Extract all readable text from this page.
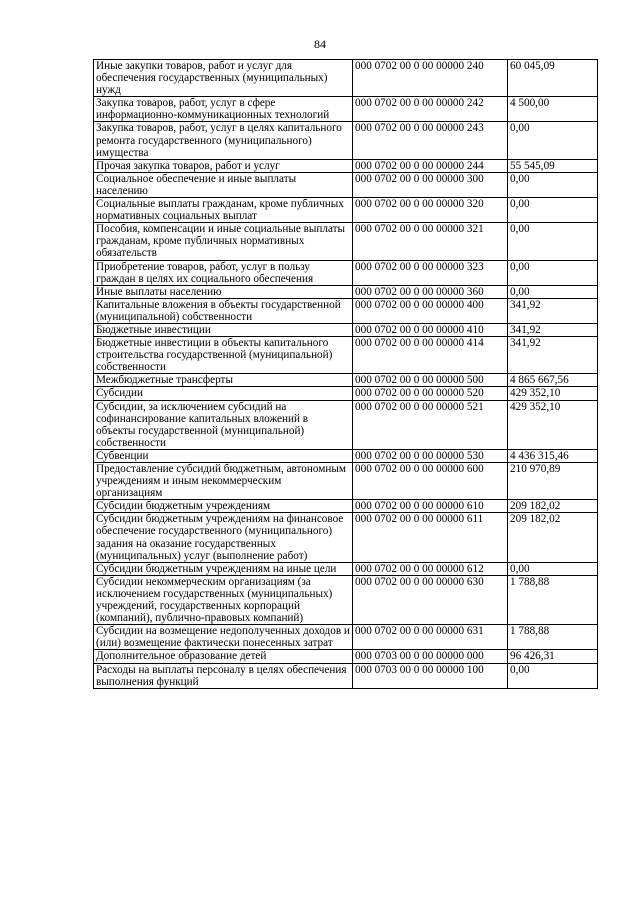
84
Иные закупки товаров, работ и услуг для обеспечения государственных (муниципальных) нужд	000 0702 00 0 00 00000 240	60 045,09
Закупка товаров, работ, услуг в сфере информационно-коммуникационных технологий	000 0702 00 0 00 00000 242	4 500,00
Закупка товаров, работ, услуг в целях капитального ремонта государственного (муниципального) имущества	000 0702 00 0 00 00000 243	0,00
Прочая закупка товаров, работ и услуг	000 0702 00 0 00 00000 244	55 545,09
Социальное обеспечение и иные выплаты населению	000 0702 00 0 00 00000 300	0,00
Социальные выплаты гражданам, кроме публичных нормативных социальных выплат	000 0702 00 0 00 00000 320	0,00
Пособия, компенсации и иные социальные выплаты гражданам, кроме публичных нормативных обязательств	000 0702 00 0 00 00000 321	0,00
Приобретение товаров, работ, услуг в пользу граждан в целях их социального обеспечения	000 0702 00 0 00 00000 323	0,00
Иные выплаты населению	000 0702 00 0 00 00000 360	0,00
Капитальные вложения в объекты государственной (муниципальной) собственности	000 0702 00 0 00 00000 400	341,92
Бюджетные инвестиции	000 0702 00 0 00 00000 410	341,92
Бюджетные инвестиции в объекты капитального строительства государственной (муниципальной) собственности	000 0702 00 0 00 00000 414	341,92
Межбюджетные трансферты	000 0702 00 0 00 00000 500	4 865 667,56
Субсидии	000 0702 00 0 00 00000 520	429 352,10
Субсидии, за исключением субсидий на софинансирование капитальных вложений в объекты государственной (муниципальной) собственности	000 0702 00 0 00 00000 521	429 352,10
Субвенции	000 0702 00 0 00 00000 530	4 436 315,46
Предоставление субсидий бюджетным, автономным учреждениям и иным некоммерческим организациям	000 0702 00 0 00 00000 600	210 970,89
Субсидии бюджетным учреждениям	000 0702 00 0 00 00000 610	209 182,02
Субсидии бюджетным учреждениям на финансовое обеспечение государственного (муниципального) задания на оказание государственных (муниципальных) услуг (выполнение работ)	000 0702 00 0 00 00000 611	209 182,02
Субсидии бюджетным учреждениям на иные цели	000 0702 00 0 00 00000 612	0,00
Субсидии некоммерческим организациям (за исключением государственных (муниципальных) учреждений, государственных корпораций (компаний), публично-правовых компаний)	000 0702 00 0 00 00000 630	1 788,88
Субсидии на возмещение недополученных доходов и (или) возмещение фактически понесенных затрат	000 0702 00 0 00 00000 631	1 788,88
Дополнительное образование детей	000 0703 00 0 00 00000 000	96 426,31
Расходы на выплаты персоналу в целях обеспечения выполнения функций	000 0703 00 0 00 00000 100	0,00
